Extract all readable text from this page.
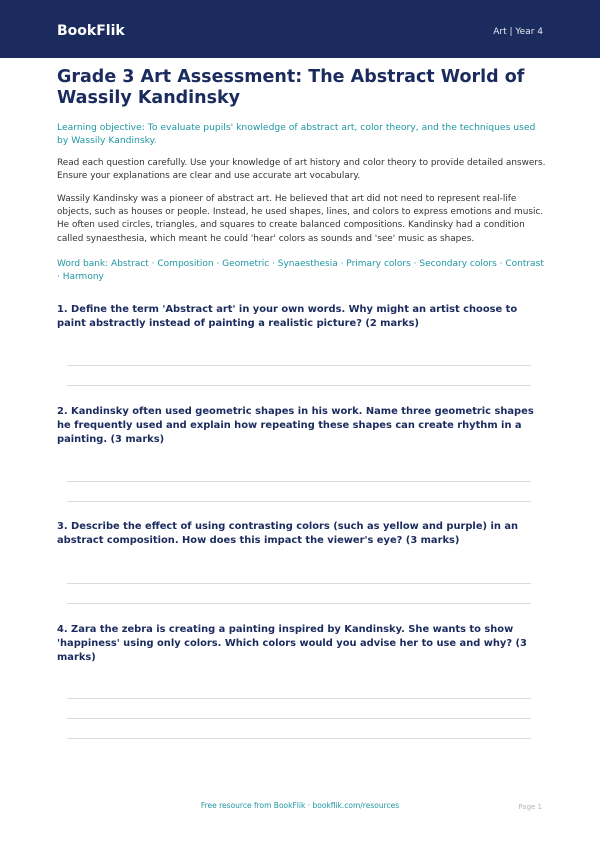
BookFlik	Art | Year 4
Grade 3 Art Assessment: The Abstract World of Wassily Kandinsky
Learning objective: To evaluate pupils' knowledge of abstract art, color theory, and the techniques used by Wassily Kandinsky.
Read each question carefully. Use your knowledge of art history and color theory to provide detailed answers. Ensure your explanations are clear and use accurate art vocabulary.
Wassily Kandinsky was a pioneer of abstract art. He believed that art did not need to represent real-life objects, such as houses or people. Instead, he used shapes, lines, and colors to express emotions and music. He often used circles, triangles, and squares to create balanced compositions. Kandinsky had a condition called synaesthesia, which meant he could 'hear' colors as sounds and 'see' music as shapes.
Word bank: Abstract · Composition · Geometric · Synaesthesia · Primary colors · Secondary colors · Contrast · Harmony
1. Define the term 'Abstract art' in your own words. Why might an artist choose to paint abstractly instead of painting a realistic picture? (2 marks)
2. Kandinsky often used geometric shapes in his work. Name three geometric shapes he frequently used and explain how repeating these shapes can create rhythm in a painting. (3 marks)
3. Describe the effect of using contrasting colors (such as yellow and purple) in an abstract composition. How does this impact the viewer's eye? (3 marks)
4. Zara the zebra is creating a painting inspired by Kandinsky. She wants to show 'happiness' using only colors. Which colors would you advise her to use and why? (3 marks)
Free resource from BookFlik · bookflik.com/resources	Page 1
